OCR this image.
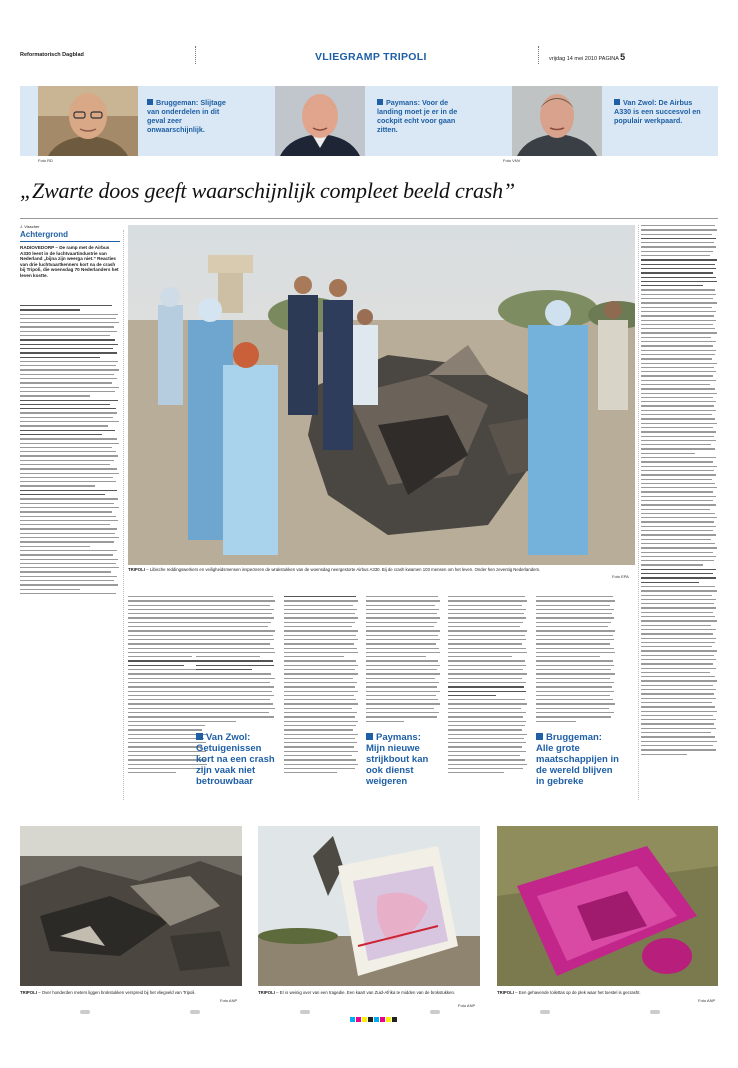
Reformatorisch Dagblad	VLIEGRAMP TRIPOLI	vrijdag 14 mei 2010 PAGINA 5
Foto RD
Bruggeman: Slijtage van onderdelen in dit geval zeer onwaarschijnlijk.
Paymans: Voor de landing moet je er in de cockpit echt voor gaan zitten.
Foto VNV
Van Zwol: De Airbus A330 is een succesvol en populair werkpaard.
„Zwarte doos geeft waarschijnlijk compleet beeld crash”
J. Visscher
Achtergrond
RADIOVEDORP – De ramp met de Airbus A330 leent in de luchtvaartindustrie van Nederland „bijna zijn weerga niet.” Reacties van drie luchtvaartkenners kort na de crash bij Tripoli, die woensdag 70 Nederlanders het leven kostte.
TRIPOLI – Libische reddingswerkers en veiligheidsmensen inspecteren de wrakstukken van de woensdag neergestorte Airbus A330. Bij de crash kwamen 103 mensen om het leven. Onder hen zeventig Nederlanders.
Foto EPA
Van Zwol: Getuigenissen kort na een crash zijn vaak niet betrouwbaar
Paymans: Mijn nieuwe strijkbout kan ook dienst weigeren
Bruggeman: Alle grote maatschappijen in de wereld blijven in gebreke
TRIPOLI – Over honderden meters liggen brokstukken verspreid bij het vliegveld van Tripoli.
Foto ANP
TRIPOLI – Er is weinig over van een tragedie. Een kaart van Zuid-Afrika te midden van de brokstukken.
Foto ANP
TRIPOLI – Een gehavende toilettas op de plek waar het toestel is gecrasht.
Foto ANP
